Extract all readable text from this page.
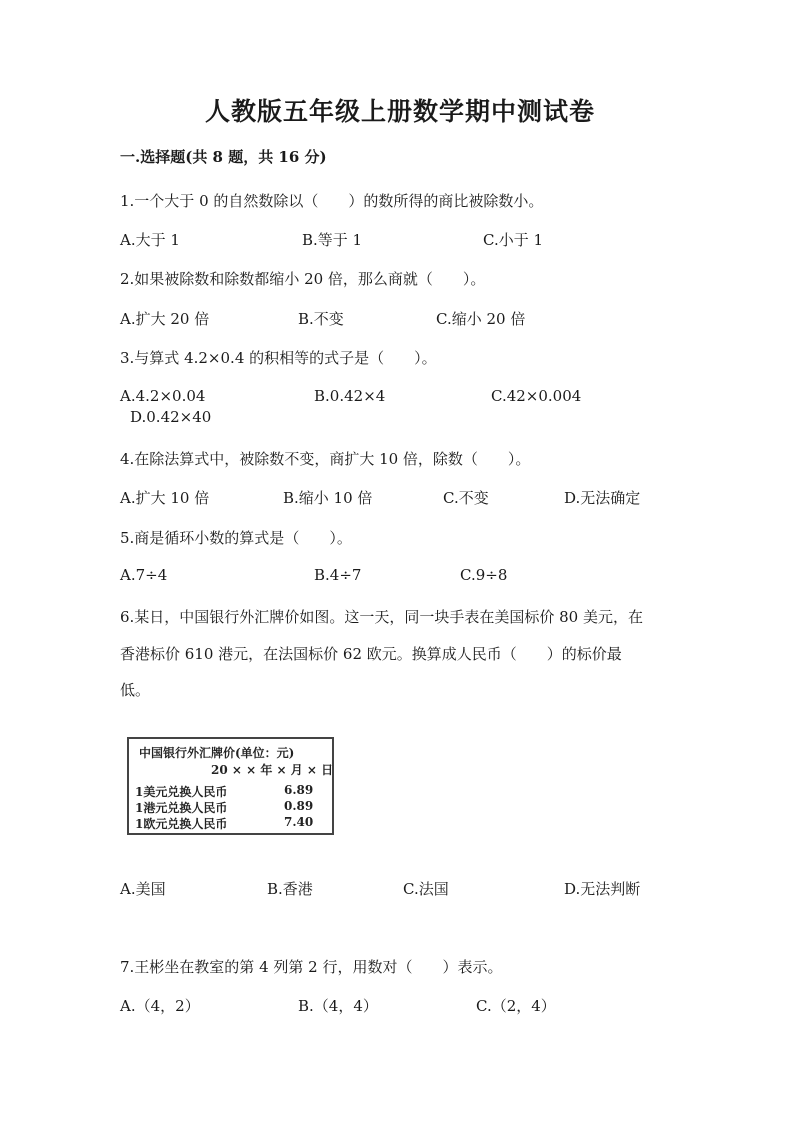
人教版五年级上册数学期中测试卷
一.选择题(共 8 题，共 16 分)
1.一个大于 0 的自然数除以（　　）的数所得的商比被除数小。
A.大于 1	B.等于 1	C.小于 1
2.如果被除数和除数都缩小 20 倍，那么商就（　　）。
A.扩大 20 倍	B.不变	C.缩小 20 倍
3.与算式 4.2×0.4 的积相等的式子是（　　）。
A.4.2×0.04	B.0.42×4	C.42×0.004
D.0.42×40
4.在除法算式中，被除数不变，商扩大 10 倍，除数（　　）。
A.扩大 10 倍	B.缩小 10 倍	C.不变	D.无法确定
5.商是循环小数的算式是（　　）。
A.7÷4	B.4÷7	C.9÷8
6.某日，中国银行外汇牌价如图。这一天，同一块手表在美国标价 80 美元，在
香港标价 610 港元，在法国标价 62 欧元。换算成人民币（　　）的标价最
低。
中国银行外汇牌价(单位：元)
20 × × 年 × 月 × 日
1美元兑换人民币	6.89
1港元兑换人民币	0.89
1欧元兑换人民币	7.40
A.美国	B.香港	C.法国	D.无法判断
7.王彬坐在教室的第 4 列第 2 行，用数对（　　）表示。
A.（4，2）	B.（4，4）	C.（2，4）
